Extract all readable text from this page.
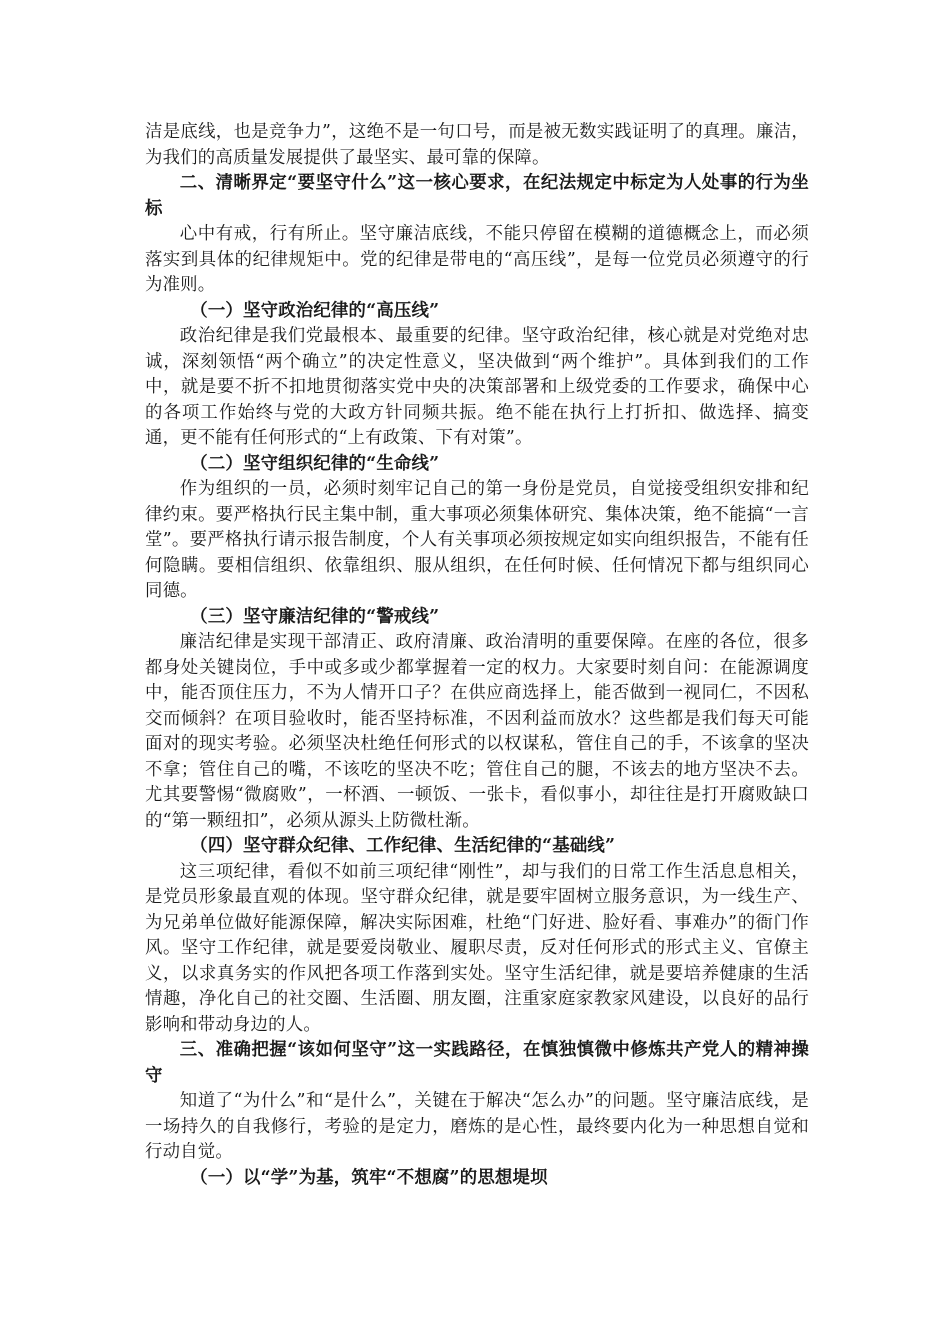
洁是底线，也是竞争力”，这绝不是一句口号，而是被无数实践证明了的真理。廉洁，为我们的高质量发展提供了最坚实、最可靠的保障。

二、清晰界定“要坚守什么”这一核心要求，在纪法规定中标定为人处事的行为坐标

心中有戒，行有所止。坚守廉洁底线，不能只停留在模糊的道德概念上，而必须落实到具体的纪律规矩中。党的纪律是带电的“高压线”，是每一位党员必须遵守的行为准则。

（一）坚守政治纪律的“高压线”

政治纪律是我们党最根本、最重要的纪律。坚守政治纪律，核心就是对党绝对忠诚，深刻领悟“两个确立”的决定性意义，坚决做到“两个维护”。具体到我们的工作中，就是要不折不扣地贯彻落实党中央的决策部署和上级党委的工作要求，确保中心的各项工作始终与党的大政方针同频共振。绝不能在执行上打折扣、做选择、搞变通，更不能有任何形式的“上有政策、下有对策”。

（二）坚守组织纪律的“生命线”

作为组织的一员，必须时刻牢记自己的第一身份是党员，自觉接受组织安排和纪律约束。要严格执行民主集中制，重大事项必须集体研究、集体决策，绝不能搞“一言堂”。要严格执行请示报告制度，个人有关事项必须按规定如实向组织报告，不能有任何隐瞒。要相信组织、依靠组织、服从组织，在任何时候、任何情况下都与组织同心同德。

（三）坚守廉洁纪律的“警戒线”

廉洁纪律是实现干部清正、政府清廉、政治清明的重要保障。在座的各位，很多都身处关键岗位，手中或多或少都掌握着一定的权力。大家要时刻自问：在能源调度中，能否顶住压力，不为人情开口子？在供应商选择上，能否做到一视同仁，不因私交而倾斜？在项目验收时，能否坚持标准，不因利益而放水？这些都是我们每天可能面对的现实考验。必须坚决杜绝任何形式的以权谋私，管住自己的手，不该拿的坚决不拿；管住自己的嘴，不该吃的坚决不吃；管住自己的腿，不该去的地方坚决不去。尤其要警惕“微腐败”，一杯酒、一顿饭、一张卡，看似事小，却往往是打开腐败缺口的“第一颗纽扣”，必须从源头上防微杜渐。

（四）坚守群众纪律、工作纪律、生活纪律的“基础线”

这三项纪律，看似不如前三项纪律“刚性”，却与我们的日常工作生活息息相关，是党员形象最直观的体现。坚守群众纪律，就是要牢固树立服务意识，为一线生产、为兄弟单位做好能源保障，解决实际困难，杜绝“门好进、脸好看、事难办”的衙门作风。坚守工作纪律，就是要爱岗敬业、履职尽责，反对任何形式的形式主义、官僚主义，以求真务实的作风把各项工作落到实处。坚守生活纪律，就是要培养健康的生活情趣，净化自己的社交圈、生活圈、朋友圈，注重家庭家教家风建设，以良好的品行影响和带动身边的人。

三、准确把握“该如何坚守”这一实践路径，在慎独慎微中修炼共产党人的精神操守

知道了“为什么”和“是什么”，关键在于解决“怎么办”的问题。坚守廉洁底线，是一场持久的自我修行，考验的是定力，磨炼的是心性，最终要内化为一种思想自觉和行动自觉。

（一）以“学”为基，筑牢“不想腐”的思想堤坝
